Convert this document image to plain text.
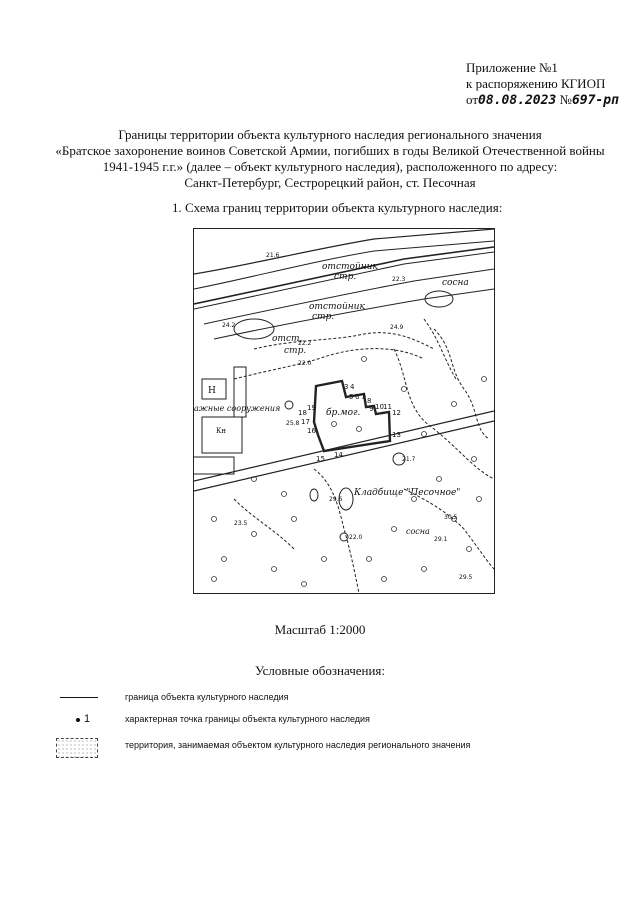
Приложение №1
к распоряжению КГИОП
от08.08.2023 №697-рп
Границы территории объекта культурного наследия регионального значения
«Братское захоронение воинов Советской Армии, погибших в годы Великой Отечественной войны
1941-1945 г.г.» (далее – объект культурного наследия), расположенного по адресу:
Санкт-Петербург, Сестрорецкий район, ст. Песочная
1. Схема границ территории объекта культурного наследия:
отстойник
стр.
отстойник
стр.
отст.
стр.
сосна
бр.мог.
Кладбище "Песочное"
ажные сооружения
Н
Кн
сосна
3 4
5 6 7 8
9 10 11
12
13
14
15
16
17
18
19
21.6
22.3
24.2	24.9
22.2
22.0
25.8
29.6
30.5
29.5
29.1
23.5
21.7
22.0
Масштаб 1:2000
Условные обозначения:
граница объекта культурного наследия
1	характерная точка границы объекта культурного наследия
территория, занимаемая объектом культурного наследия регионального значения
